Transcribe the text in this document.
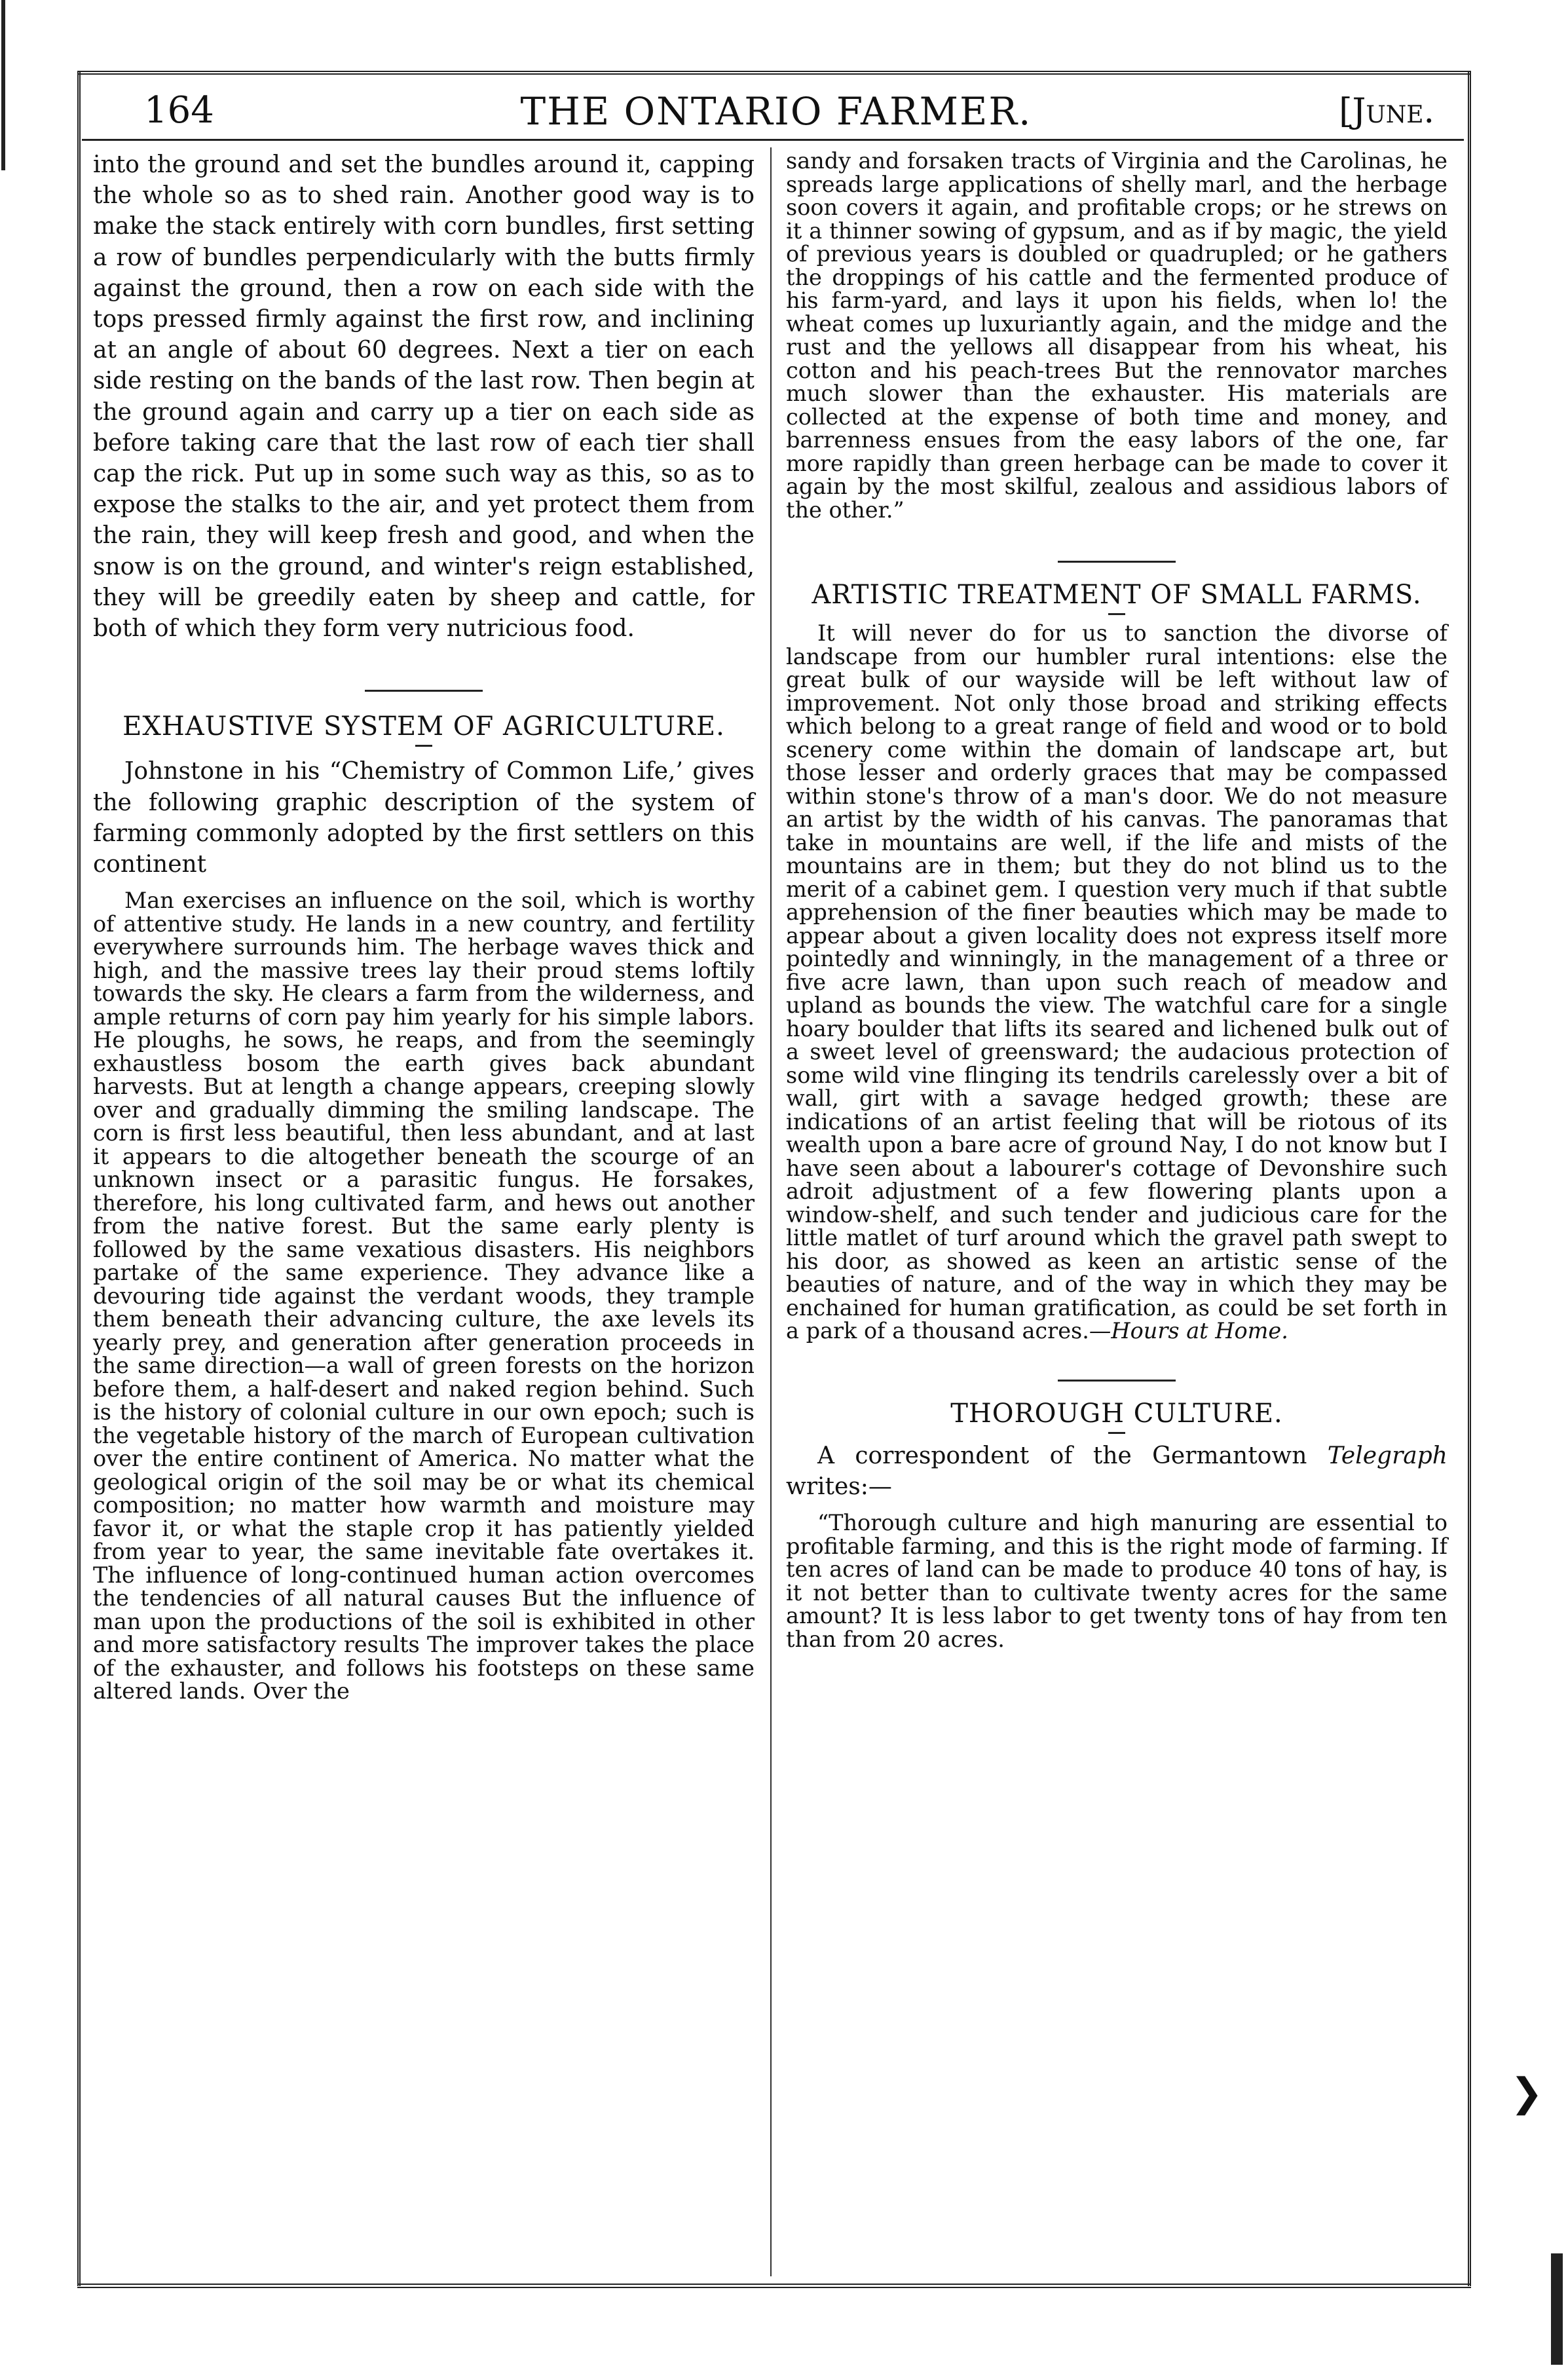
164	THE ONTARIO FARMER.	[June.

into the ground and set the bundles around it, capping the whole so as to shed rain. Another good way is to make the stack entirely with corn bundles, first setting a row of bundles perpendicularly with the butts firmly against the ground, then a row on each side with the tops pressed firmly against the first row, and inclining at an angle of about 60 degrees. Next a tier on each side resting on the bands of the last row. Then begin at the ground again and carry up a tier on each side as before taking care that the last row of each tier shall cap the rick. Put up in some such way as this, so as to expose the stalks to the air, and yet protect them from the rain, they will keep fresh and good, and when the snow is on the ground, and winter's reign established, they will be greedily eaten by sheep and cattle, for both of which they form very nutricious food.

EXHAUSTIVE SYSTEM OF AGRICULTURE.

Johnstone in his “Chemistry of Common Life,’ gives the following graphic description of the system of farming commonly adopted by the first settlers on this continent

Man exercises an influence on the soil, which is worthy of attentive study. He lands in a new country, and fertility everywhere surrounds him. The herbage waves thick and high, and the massive trees lay their proud stems loftily towards the sky. He clears a farm from the wilderness, and ample returns of corn pay him yearly for his simple labors. He ploughs, he sows, he reaps, and from the seemingly exhaustless bosom the earth gives back abundant harvests. But at length a change appears, creeping slowly over and gradually dimming the smiling landscape. The corn is first less beautiful, then less abundant, and at last it appears to die altogether beneath the scourge of an unknown insect or a parasitic fungus. He forsakes, therefore, his long cultivated farm, and hews out another from the native forest. But the same early plenty is followed by the same vexatious disasters. His neighbors partake of the same experience. They advance like a devouring tide against the verdant woods, they trample them beneath their advancing culture, the axe levels its yearly prey, and generation after generation proceeds in the same direction—a wall of green forests on the horizon before them, a half-desert and naked region behind. Such is the history of colonial culture in our own epoch; such is the vegetable history of the march of European cultivation over the entire continent of America. No matter what the geological origin of the soil may be or what its chemical composition; no matter how warmth and moisture may favor it, or what the staple crop it has patiently yielded from year to year, the same inevitable fate overtakes it. The influence of long-continued human action overcomes the tendencies of all natural causes But the influence of man upon the productions of the soil is exhibited in other and more satisfactory results The improver takes the place of the exhauster, and follows his footsteps on these same altered lands. Over the

sandy and forsaken tracts of Virginia and the Carolinas, he spreads large applications of shelly marl, and the herbage soon covers it again, and profitable crops; or he strews on it a thinner sowing of gypsum, and as if by magic, the yield of previous years is doubled or quadrupled; or he gathers the droppings of his cattle and the fermented produce of his farm-yard, and lays it upon his fields, when lo! the wheat comes up luxuriantly again, and the midge and the rust and the yellows all disappear from his wheat, his cotton and his peach-trees But the rennovator marches much slower than the exhauster. His materials are collected at the expense of both time and money, and barrenness ensues from the easy labors of the one, far more rapidly than green herbage can be made to cover it again by the most skilful, zealous and assidious labors of the other.”

ARTISTIC TREATMENT OF SMALL FARMS.

It will never do for us to sanction the divorse of landscape from our humbler rural intentions: else the great bulk of our wayside will be left without law of improvement. Not only those broad and striking effects which belong to a great range of field and wood or to bold scenery come within the domain of landscape art, but those lesser and orderly graces that may be compassed within stone's throw of a man's door. We do not measure an artist by the width of his canvas. The panoramas that take in mountains are well, if the life and mists of the mountains are in them; but they do not blind us to the merit of a cabinet gem. I question very much if that subtle apprehension of the finer beauties which may be made to appear about a given locality does not express itself more pointedly and winningly, in the management of a three or five acre lawn, than upon such reach of meadow and upland as bounds the view. The watchful care for a single hoary boulder that lifts its seared and lichened bulk out of a sweet level of greensward; the audacious protection of some wild vine flinging its tendrils carelessly over a bit of wall, girt with a savage hedged growth; these are indications of an artist feeling that will be riotous of its wealth upon a bare acre of ground Nay, I do not know but I have seen about a labourer's cottage of Devonshire such adroit adjustment of a few flowering plants upon a window-shelf, and such tender and judicious care for the little matlet of turf around which the gravel path swept to his door, as showed as keen an artistic sense of the beauties of nature, and of the way in which they may be enchained for human gratification, as could be set forth in a park of a thousand acres.—Hours at Home.

THOROUGH CULTURE.

A correspondent of the Germantown Telegraph writes:—

“Thorough culture and high manuring are essential to profitable farming, and this is the right mode of farming. If ten acres of land can be made to produce 40 tons of hay, is it not better than to cultivate twenty acres for the same amount? It is less labor to get twenty tons of hay from ten than from 20 acres.

❯
